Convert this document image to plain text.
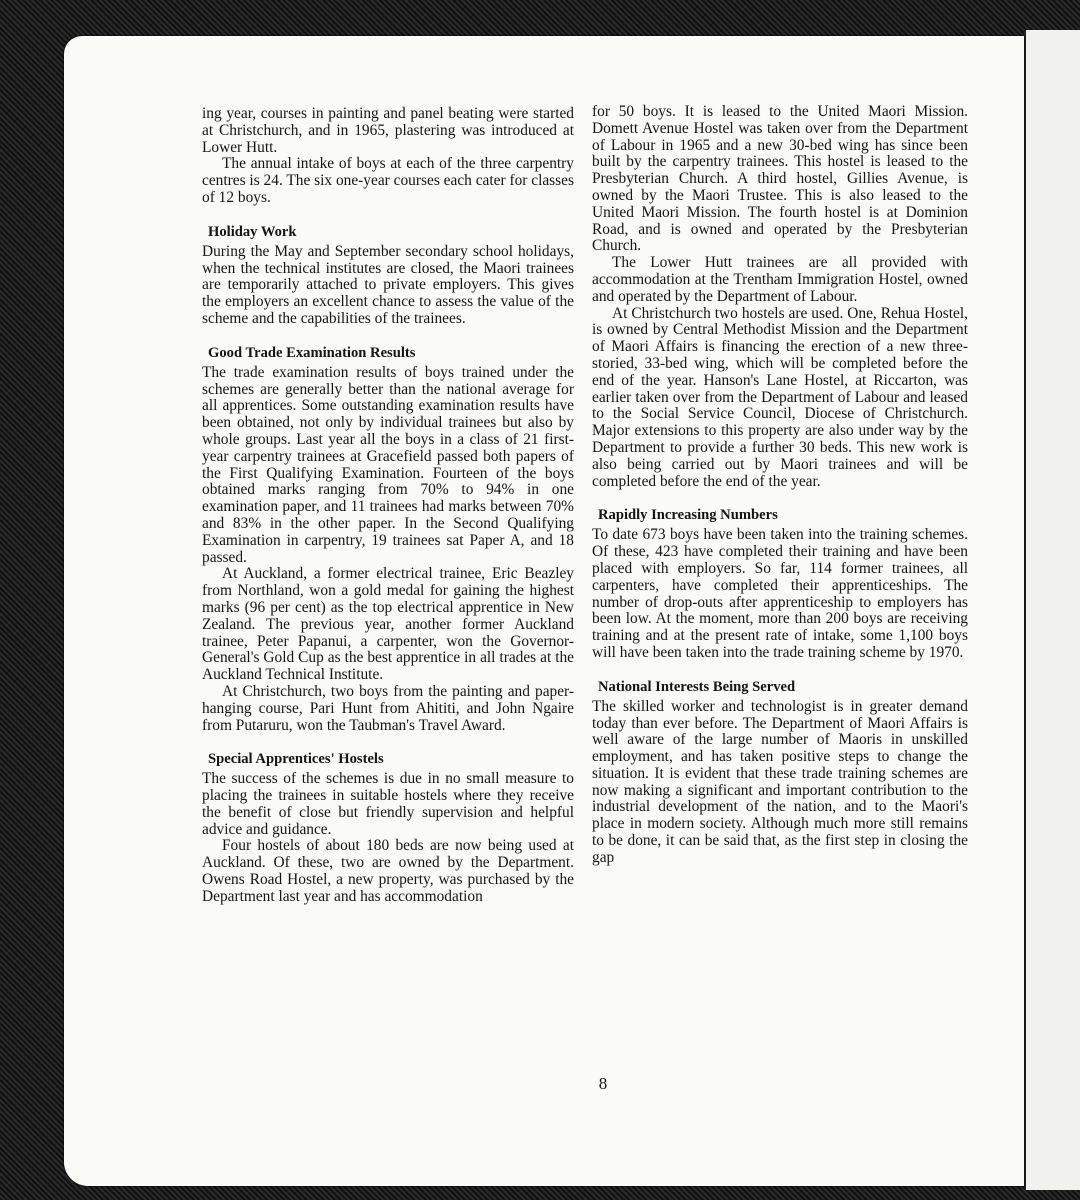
ing year, courses in painting and panel beating were started at Christchurch, and in 1965, plastering was introduced at Lower Hutt.

The annual intake of boys at each of the three carpentry centres is 24. The six one-year courses each cater for classes of 12 boys.

Holiday Work

During the May and September secondary school holidays, when the technical institutes are closed, the Maori trainees are temporarily attached to private employers. This gives the employers an excellent chance to assess the value of the scheme and the capabilities of the trainees.

Good Trade Examination Results

The trade examination results of boys trained under the schemes are generally better than the national average for all apprentices. Some outstanding examination results have been obtained, not only by individual trainees but also by whole groups. Last year all the boys in a class of 21 first-year carpentry trainees at Gracefield passed both papers of the First Qualifying Examination. Fourteen of the boys obtained marks ranging from 70% to 94% in one examination paper, and 11 trainees had marks between 70% and 83% in the other paper. In the Second Qualifying Examination in carpentry, 19 trainees sat Paper A, and 18 passed.

At Auckland, a former electrical trainee, Eric Beazley from Northland, won a gold medal for gaining the highest marks (96 per cent) as the top electrical apprentice in New Zealand. The previous year, another former Auckland trainee, Peter Papanui, a carpenter, won the Governor-General's Gold Cup as the best apprentice in all trades at the Auckland Technical Institute.

At Christchurch, two boys from the painting and paper-hanging course, Pari Hunt from Ahititi, and John Ngaire from Putaruru, won the Taubman's Travel Award.

Special Apprentices' Hostels

The success of the schemes is due in no small measure to placing the trainees in suitable hostels where they receive the benefit of close but friendly supervision and helpful advice and guidance.

Four hostels of about 180 beds are now being used at Auckland. Of these, two are owned by the Department. Owens Road Hostel, a new property, was purchased by the Department last year and has accommodation

for 50 boys. It is leased to the United Maori Mission. Domett Avenue Hostel was taken over from the Department of Labour in 1965 and a new 30-bed wing has since been built by the carpentry trainees. This hostel is leased to the Presbyterian Church. A third hostel, Gillies Avenue, is owned by the Maori Trustee. This is also leased to the United Maori Mission. The fourth hostel is at Dominion Road, and is owned and operated by the Presbyterian Church.

The Lower Hutt trainees are all provided with accommodation at the Trentham Immigration Hostel, owned and operated by the Department of Labour.

At Christchurch two hostels are used. One, Rehua Hostel, is owned by Central Methodist Mission and the Department of Maori Affairs is financing the erection of a new three-storied, 33-bed wing, which will be completed before the end of the year. Hanson's Lane Hostel, at Riccarton, was earlier taken over from the Department of Labour and leased to the Social Service Council, Diocese of Christchurch. Major extensions to this property are also under way by the Department to provide a further 30 beds. This new work is also being carried out by Maori trainees and will be completed before the end of the year.

Rapidly Increasing Numbers

To date 673 boys have been taken into the training schemes. Of these, 423 have completed their training and have been placed with employers. So far, 114 former trainees, all carpenters, have completed their apprenticeships. The number of drop-outs after apprenticeship to employers has been low. At the moment, more than 200 boys are receiving training and at the present rate of intake, some 1,100 boys will have been taken into the trade training scheme by 1970.

National Interests Being Served

The skilled worker and technologist is in greater demand today than ever before. The Department of Maori Affairs is well aware of the large number of Maoris in unskilled employment, and has taken positive steps to change the situation. It is evident that these trade training schemes are now making a significant and important contribution to the industrial development of the nation, and to the Maori's place in modern society. Although much more still remains to be done, it can be said that, as the first step in closing the gap

8
